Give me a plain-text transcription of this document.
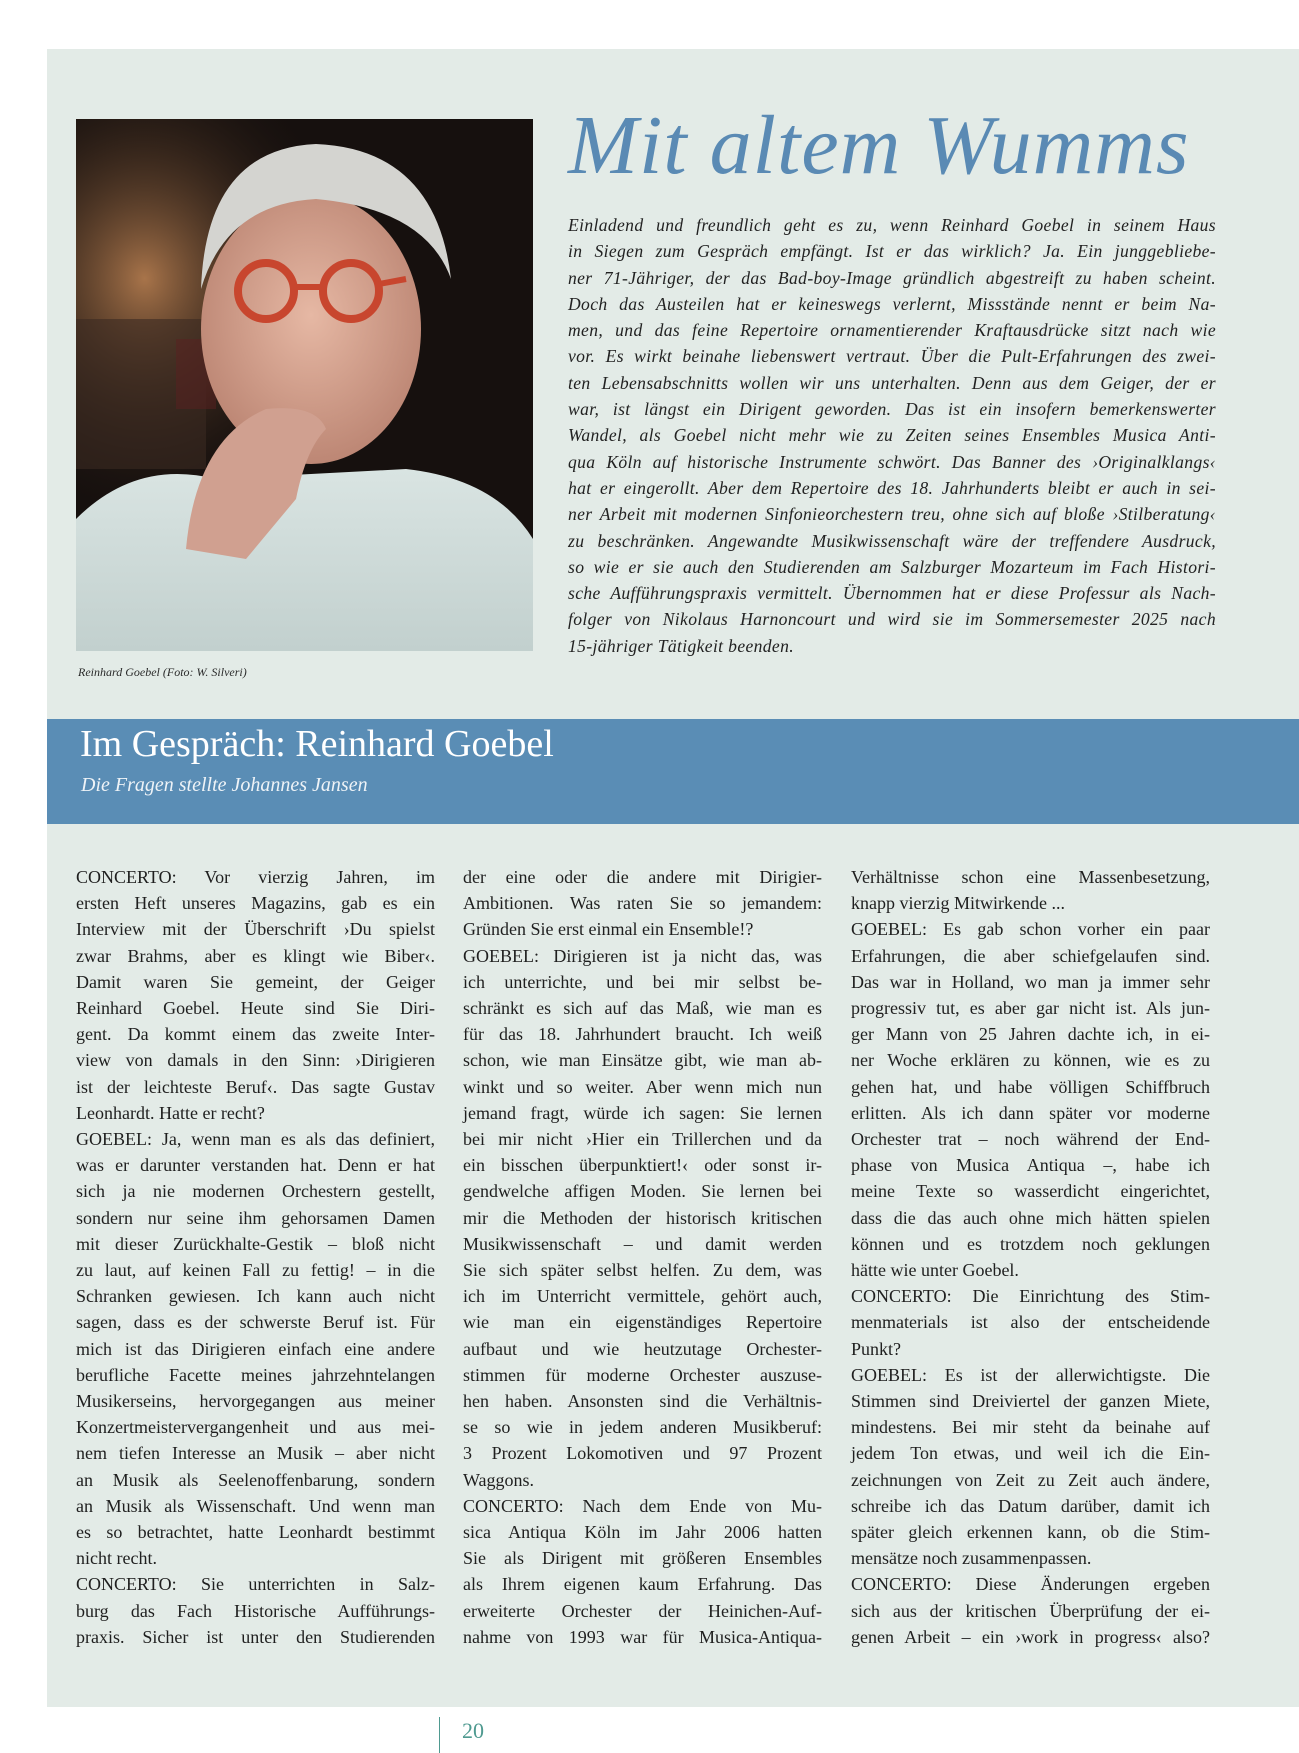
Reinhard Goebel (Foto: W. Silveri)
Mit altem Wumms
Einladend und freundlich geht es zu, wenn Reinhard Goebel in seinem Haus
in Siegen zum Gespräch empfängt. Ist er das wirklich? Ja. Ein junggebliebe-
ner 71-Jähriger, der das Bad-boy-Image gründlich abgestreift zu haben scheint.
Doch das Austeilen hat er keineswegs verlernt, Missstände nennt er beim Na-
men, und das feine Repertoire ornamentierender Kraftausdrücke sitzt nach wie
vor. Es wirkt beinahe liebenswert vertraut. Über die Pult-Erfahrungen des zwei-
ten Lebensabschnitts wollen wir uns unterhalten. Denn aus dem Geiger, der er
war, ist längst ein Dirigent geworden. Das ist ein insofern bemerkenswerter
Wandel, als Goebel nicht mehr wie zu Zeiten seines Ensembles Musica Anti-
qua Köln auf historische Instrumente schwört. Das Banner des ›Originalklangs‹
hat er eingerollt. Aber dem Repertoire des 18. Jahrhunderts bleibt er auch in sei-
ner Arbeit mit modernen Sinfonieorchestern treu, ohne sich auf bloße ›Stilberatung‹
zu beschränken. Angewandte Musikwissenschaft wäre der treffendere Ausdruck,
so wie er sie auch den Studierenden am Salzburger Mozarteum im Fach Histori-
sche Aufführungspraxis vermittelt. Übernommen hat er diese Professur als Nach-
folger von Nikolaus Harnoncourt und wird sie im Sommersemester 2025 nach
15-jähriger Tätigkeit beenden.
Im Gespräch: Reinhard Goebel
Die Fragen stellte Johannes Jansen
CONCERTO: Vor vierzig Jahren, im
ersten Heft unseres Magazins, gab es ein
Interview mit der Überschrift ›Du spielst
zwar Brahms, aber es klingt wie Biber‹.
Damit waren Sie gemeint, der Geiger
Reinhard Goebel. Heute sind Sie Diri-
gent. Da kommt einem das zweite Inter-
view von damals in den Sinn: ›Dirigieren
ist der leichteste Beruf‹. Das sagte Gustav
Leonhardt. Hatte er recht?
GOEBEL: Ja, wenn man es als das definiert,
was er darunter verstanden hat. Denn er hat
sich ja nie modernen Orchestern gestellt,
sondern nur seine ihm gehorsamen Damen
mit dieser Zurückhalte-Gestik – bloß nicht
zu laut, auf keinen Fall zu fettig! – in die
Schranken gewiesen. Ich kann auch nicht
sagen, dass es der schwerste Beruf ist. Für
mich ist das Dirigieren einfach eine andere
berufliche Facette meines jahrzehntelangen
Musikerseins, hervorgegangen aus meiner
Konzertmeistervergangenheit und aus mei-
nem tiefen Interesse an Musik – aber nicht
an Musik als Seelenoffenbarung, sondern
an Musik als Wissenschaft. Und wenn man
es so betrachtet, hatte Leonhardt bestimmt
nicht recht.
CONCERTO: Sie unterrichten in Salz-
burg das Fach Historische Aufführungs-
praxis. Sicher ist unter den Studierenden
der eine oder die andere mit Dirigier-
Ambitionen. Was raten Sie so jemandem:
Gründen Sie erst einmal ein Ensemble!?
GOEBEL: Dirigieren ist ja nicht das, was
ich unterrichte, und bei mir selbst be-
schränkt es sich auf das Maß, wie man es
für das 18. Jahrhundert braucht. Ich weiß
schon, wie man Einsätze gibt, wie man ab-
winkt und so weiter. Aber wenn mich nun
jemand fragt, würde ich sagen: Sie lernen
bei mir nicht ›Hier ein Trillerchen und da
ein bisschen überpunktiert!‹ oder sonst ir-
gendwelche affigen Moden. Sie lernen bei
mir die Methoden der historisch kritischen
Musikwissenschaft – und damit werden
Sie sich später selbst helfen. Zu dem, was
ich im Unterricht vermittele, gehört auch,
wie man ein eigenständiges Repertoire
aufbaut und wie heutzutage Orchester-
stimmen für moderne Orchester auszuse-
hen haben. Ansonsten sind die Verhältnis-
se so wie in jedem anderen Musikberuf:
3 Prozent Lokomotiven und 97 Prozent
Waggons.
CONCERTO: Nach dem Ende von Mu-
sica Antiqua Köln im Jahr 2006 hatten
Sie als Dirigent mit größeren Ensembles
als Ihrem eigenen kaum Erfahrung. Das
erweiterte Orchester der Heinichen-Auf-
nahme von 1993 war für Musica-Antiqua-
Verhältnisse schon eine Massenbesetzung,
knapp vierzig Mitwirkende ...
GOEBEL: Es gab schon vorher ein paar
Erfahrungen, die aber schiefgelaufen sind.
Das war in Holland, wo man ja immer sehr
progressiv tut, es aber gar nicht ist. Als jun-
ger Mann von 25 Jahren dachte ich, in ei-
ner Woche erklären zu können, wie es zu
gehen hat, und habe völligen Schiffbruch
erlitten. Als ich dann später vor moderne
Orchester trat – noch während der End-
phase von Musica Antiqua –, habe ich
meine Texte so wasserdicht eingerichtet,
dass die das auch ohne mich hätten spielen
können und es trotzdem noch geklungen
hätte wie unter Goebel.
CONCERTO: Die Einrichtung des Stim-
menmaterials ist also der entscheidende
Punkt?
GOEBEL: Es ist der allerwichtigste. Die
Stimmen sind Dreiviertel der ganzen Miete,
mindestens. Bei mir steht da beinahe auf
jedem Ton etwas, und weil ich die Ein-
zeichnungen von Zeit zu Zeit auch ändere,
schreibe ich das Datum darüber, damit ich
später gleich erkennen kann, ob die Stim-
mensätze noch zusammenpassen.
CONCERTO: Diese Änderungen ergeben
sich aus der kritischen Überprüfung der ei-
genen Arbeit – ein ›work in progress‹ also?
20
